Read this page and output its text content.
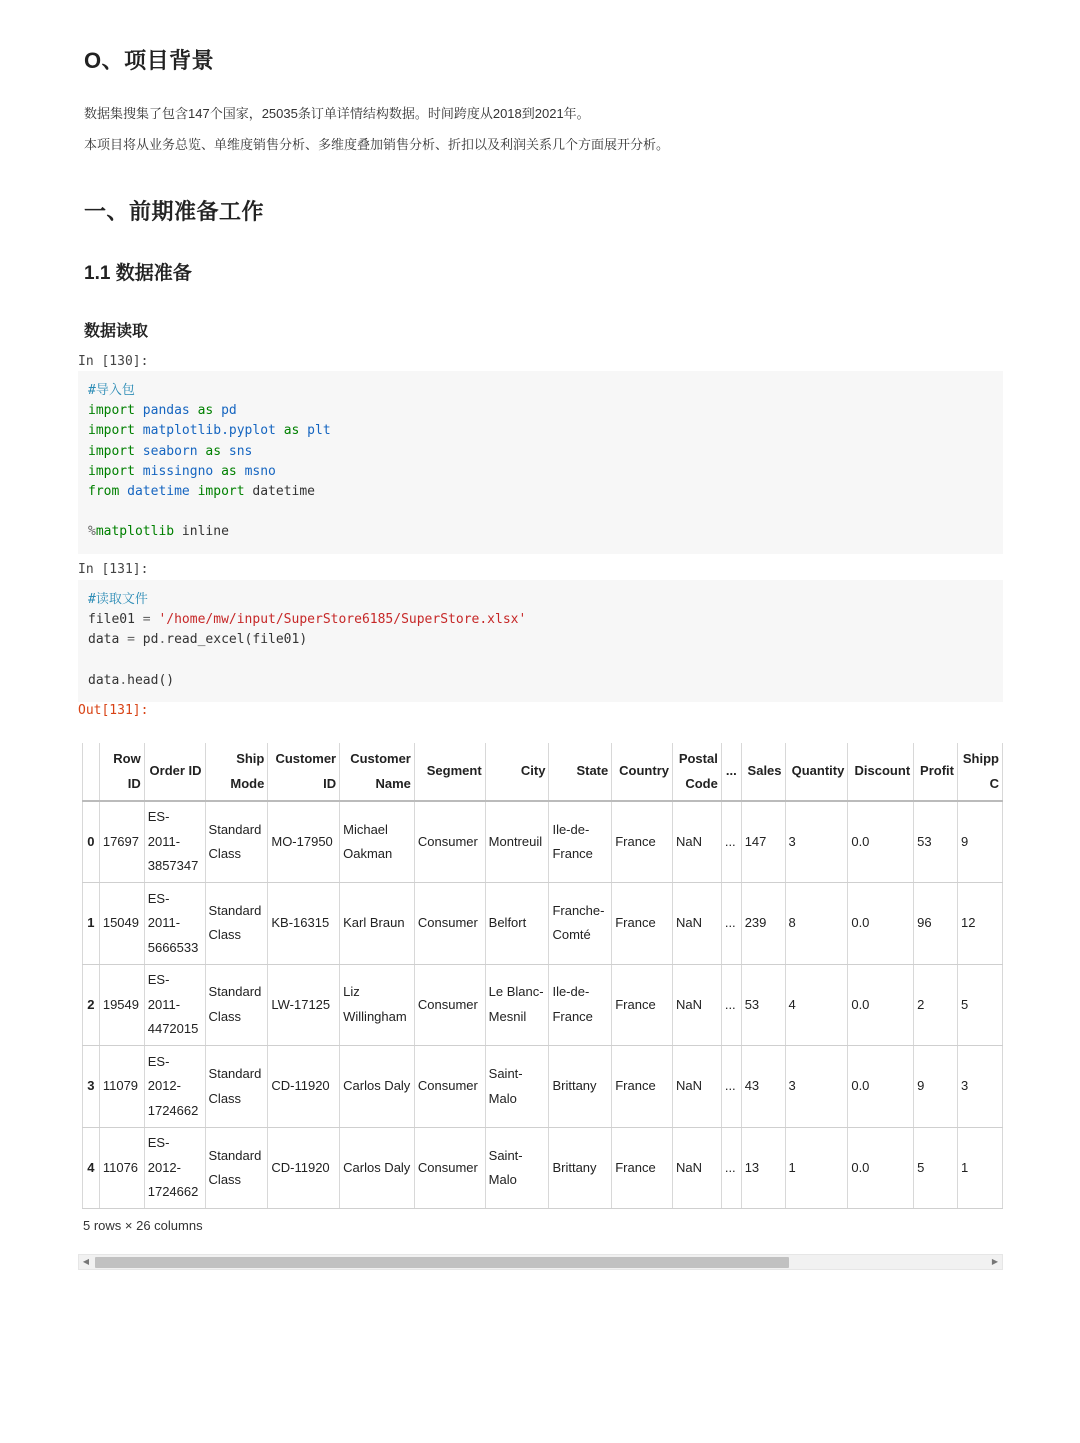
O、项目背景
数据集搜集了包含147个国家，25035条订单详情结构数据。时间跨度从2018到2021年。
本项目将从业务总览、单维度销售分析、多维度叠加销售分析、折扣以及利润关系几个方面展开分析。
一、前期准备工作
1.1 数据准备
数据读取
In [130]:
#导入包
import pandas as pd
import matplotlib.pyplot as plt
import seaborn as sns
import missingno as msno
from datetime import datetime
%matplotlib inline
In [131]:
#读取文件
file01 = '/home/mw/input/SuperStore6185/SuperStore.xlsx'
data = pd.read_excel(file01)
data.head()
Out[131]:
	Row ID	Order ID	Ship Mode	Customer ID	Customer Name	Segment	City	State	Country	Postal Code	...	Sales	Quantity	Discount	Profit	Shipp C
0	17697	ES-2011-3857347	Standard Class	MO-17950	Michael Oakman	Consumer	Montreuil	Ile-de-France	France	NaN	...	147	3	0.0	53	9
1	15049	ES-2011-5666533	Standard Class	KB-16315	Karl Braun	Consumer	Belfort	Franche-Comté	France	NaN	...	239	8	0.0	96	12
2	19549	ES-2011-4472015	Standard Class	LW-17125	Liz Willingham	Consumer	Le Blanc-Mesnil	Ile-de-France	France	NaN	...	53	4	0.0	2	5
3	11079	ES-2012-1724662	Standard Class	CD-11920	Carlos Daly	Consumer	Saint-Malo	Brittany	France	NaN	...	43	3	0.0	9	3
4	11076	ES-2012-1724662	Standard Class	CD-11920	Carlos Daly	Consumer	Saint-Malo	Brittany	France	NaN	...	13	1	0.0	5	1
5 rows × 26 columns
◀	▶
